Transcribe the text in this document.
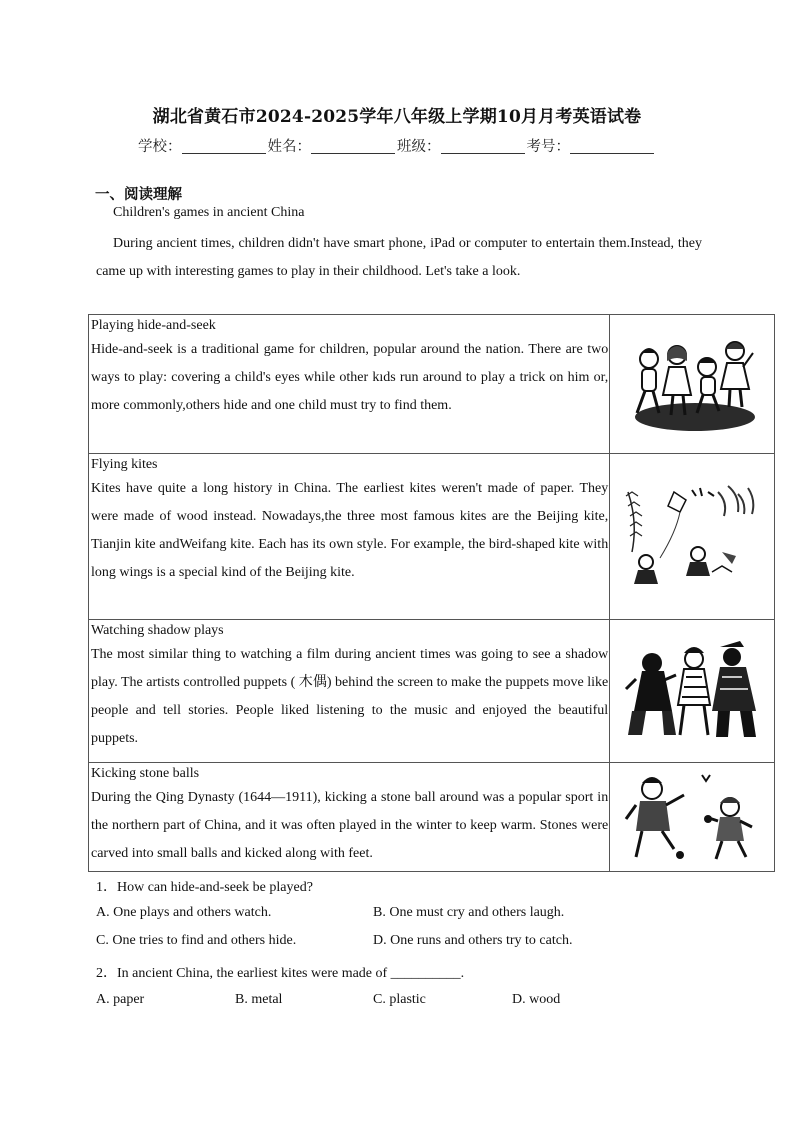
湖北省黄石市2024-2025学年八年级上学期10月月考英语试卷
学校：	姓名：	班级：	考号：
一、阅读理解
Children's games in ancient China
During ancient times, children didn't have smart phone, iPad or computer to entertain them.Instead, they came up with interesting games to play in their childhood. Let's take a look.
Playing hide-and-seek
Hide-and-seek is a traditional game for children, popular around the nation. There are two ways to play: covering a child's eyes while other kıds run around to play a trick on him or, more commonly,others hide and one child must try to find them.

Flying kites
Kites have quite a long history in China. The earliest kites weren't made of paper. They were made of wood instead. Nowadays,the three most famous kites are the Beijing kite, Tianjin kite andWeifang kite. Each has its own style. For example, the bird-shaped kite with long wings is a special kind of the Beijing kite.

Watching shadow plays
The most similar thing to watching a film during ancient times was going to see a shadow play. The artists controlled puppets ( 木偶) behind the screen to make the puppets move like people and tell stories. People liked listening to the music and enjoyed the beautiful puppets.

Kicking stone balls
During the Qing Dynasty (1644—1911), kicking a stone ball around was a popular sport in the northern part of China, and it was often played in the winter to keep warm. Stones were carved into small balls and kicked along with feet.

1．How can hide-and-seek be played?
A. One plays and others watch.	B. One must cry and others laugh.
C. One tries to find and others hide.	D. One runs and others try to catch.
2．In ancient China, the earliest kites were made of __________.
A. paper	B. metal	C. plastic	D. wood
